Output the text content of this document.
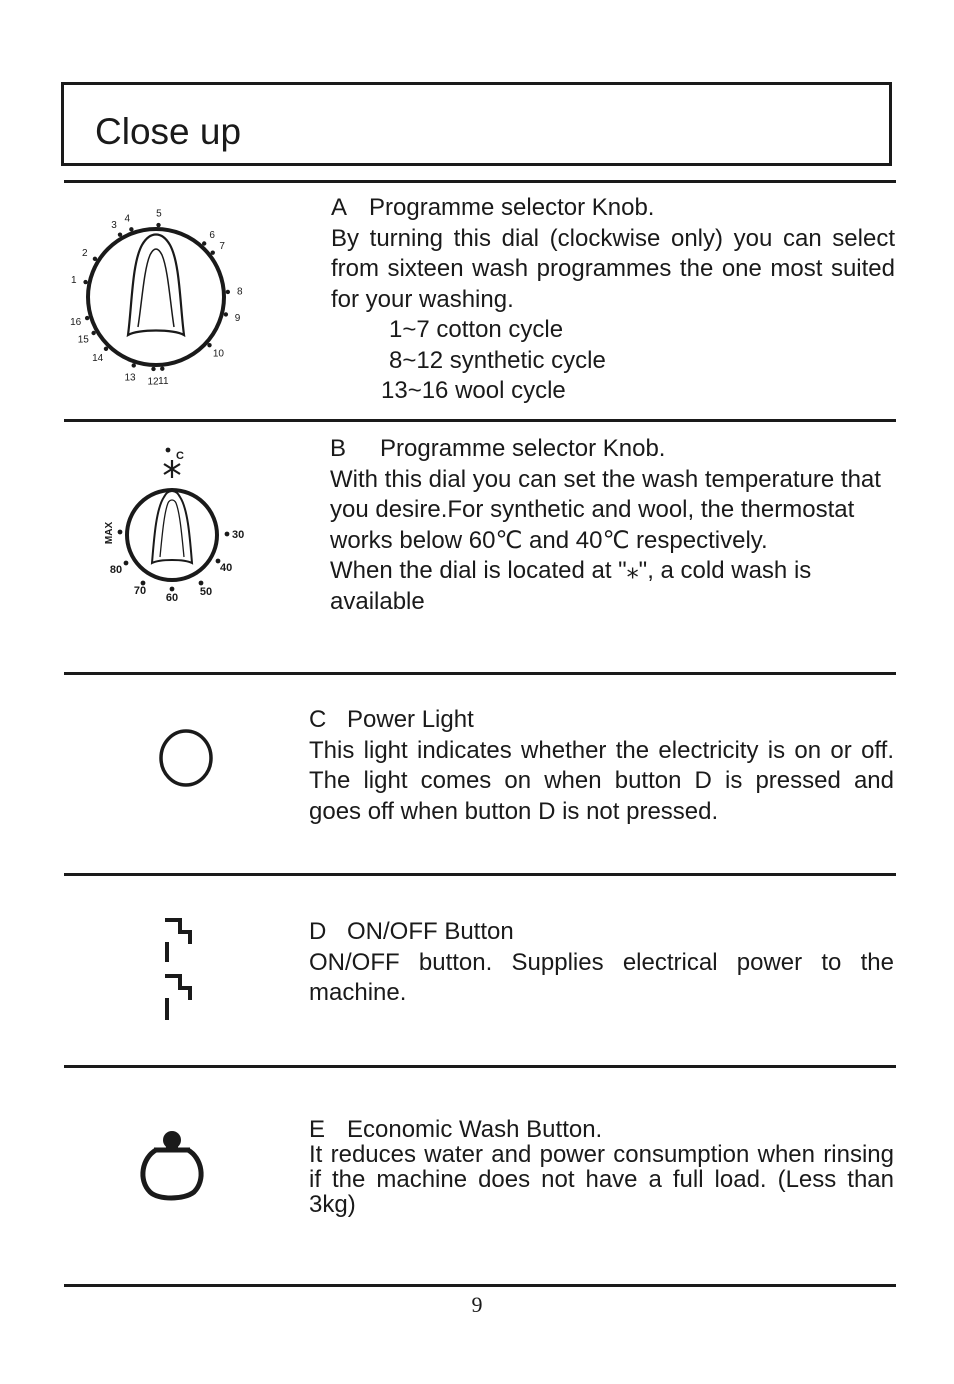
Close up
1
2
3
4	5
6
7
8
9
10
11
12
13
14
15
16

A Programme selector Knob.

By turning this dial (clockwise only) you can select from sixteen wash programmes the one most suited for your washing.

1~7 cotton cycle

8~12 synthetic cycle

13~16 wool cycle

C
30
40
50
60
70
80
MAX

B Programme selector Knob.

With this dial you can set the wash temperature that you desire.For synthetic and wool, the thermostat works below 60℃ and 40℃ respectively.

When the dial is located at "⁎", a cold wash is available

C Power Light

This light indicates whether the electricity is on or off. The light comes on when button D is pressed and goes off when button D is not pressed.

D ON/OFF Button

ON/OFF button. Supplies electrical power to the machine.

E Economic Wash Button.

It reduces water and power consumption when rinsing if the machine does not have a full load. (Less than 3kg)

9
